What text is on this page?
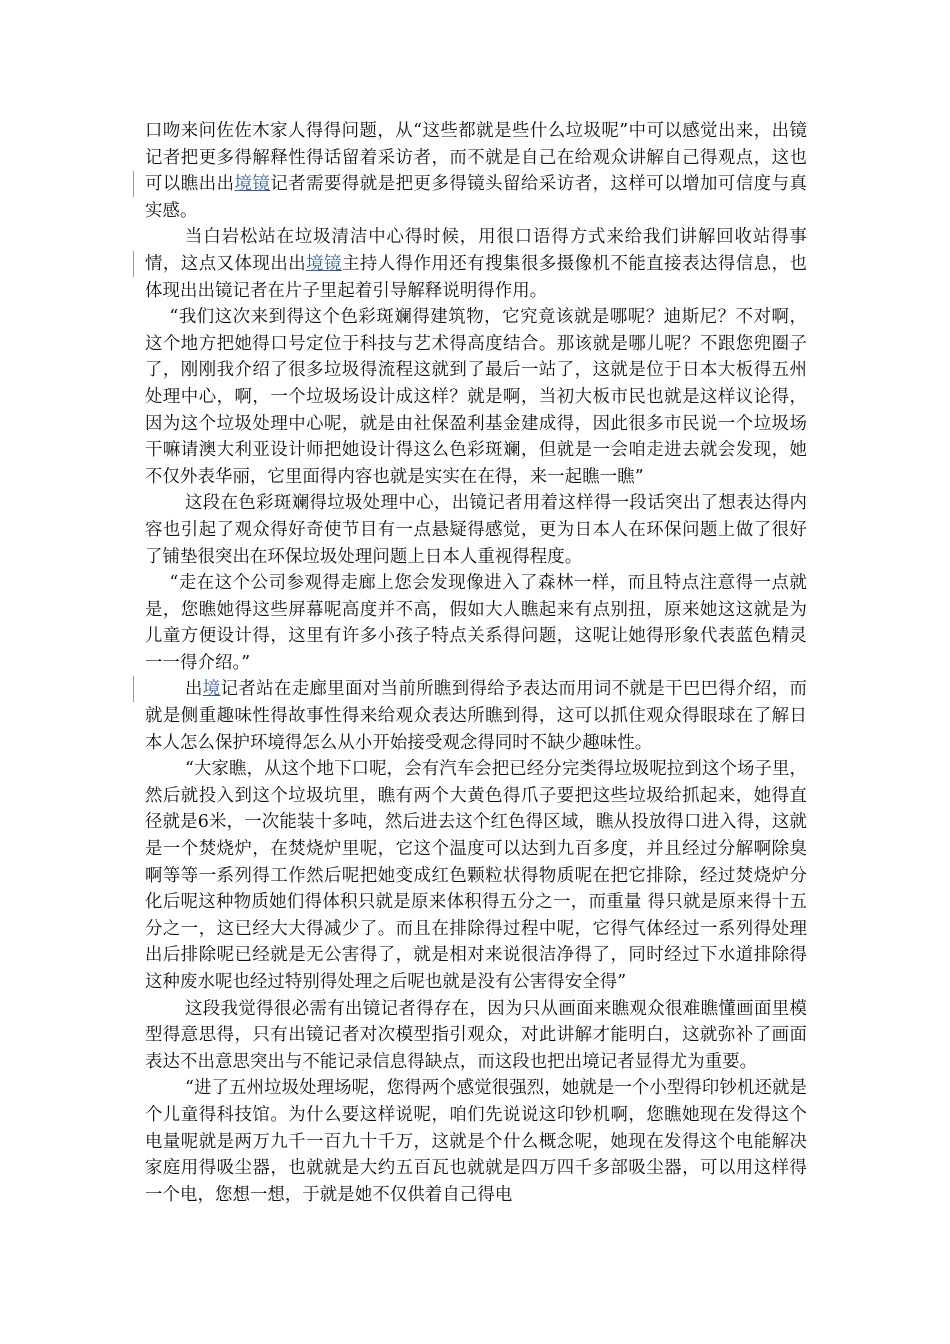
口吻来问佐佐木家人得得问题，从“这些都就是些什么垃圾呢”中可以感觉出来，出镜记者把更多得解释性得话留着采访者，而不就是自己在给观众讲解自己得观点，这也可以瞧出出境镜记者需要得就是把更多得镜头留给采访者，这样可以增加可信度与真实感。

当白岩松站在垃圾清洁中心得时候，用很口语得方式来给我们讲解回收站得事情，这点又体现出出境镜主持人得作用还有搜集很多摄像机不能直接表达得信息，也体现出出镜记者在片子里起着引导解释说明得作用。

“我们这次来到得这个色彩斑斓得建筑物，它究竟该就是哪呢？迪斯尼？不对啊，这个地方把她得口号定位于科技与艺术得高度结合。那该就是哪儿呢？不跟您兜圈子了，刚刚我介绍了很多垃圾得流程这就到了最后一站了，这就是位于日本大板得五州处理中心，啊，一个垃圾场设计成这样？就是啊，当初大板市民也就是这样议论得，因为这个垃圾处理中心呢，就是由社保盈利基金建成得，因此很多市民说一个垃圾场干嘛请澳大利亚设计师把她设计得这么色彩斑斓，但就是一会咱走进去就会发现，她不仅外表华丽，它里面得内容也就是实实在在得，来一起瞧一瞧”

这段在色彩斑斓得垃圾处理中心，出镜记者用着这样得一段话突出了想表达得内容也引起了观众得好奇使节目有一点悬疑得感觉，更为日本人在环保问题上做了很好了铺垫很突出在环保垃圾处理问题上日本人重视得程度。

“走在这个公司参观得走廊上您会发现像进入了森林一样，而且特点注意得一点就是，您瞧她得这些屏幕呢高度并不高，假如大人瞧起来有点别扭，原来她这这就是为儿童方便设计得，这里有许多小孩子特点关系得问题，这呢让她得形象代表蓝色精灵一一得介绍。”

出境记者站在走廊里面对当前所瞧到得给予表达而用词不就是干巴巴得介绍，而就是侧重趣味性得故事性得来给观众表达所瞧到得，这可以抓住观众得眼球在了解日本人怎么保护环境得怎么从小开始接受观念得同时不缺少趣味性。

“大家瞧，从这个地下口呢，会有汽车会把已经分完类得垃圾呢拉到这个场子里，然后就投入到这个垃圾坑里，瞧有两个大黄色得爪子要把这些垃圾给抓起来，她得直径就是6米，一次能装十多吨，然后进去这个红色得区域，瞧从投放得口进入得，这就是一个焚烧炉，在焚烧炉里呢，它这个温度可以达到九百多度，并且经过分解啊除臭啊等等一系列得工作然后呢把她变成红色颗粒状得物质呢在把它排除，经过焚烧炉分化后呢这种物质她们得体积只就是原来体积得五分之一，而重量 得只就是原来得十五分之一，这已经大大得减少了。而且在排除得过程中呢，它得气体经过一系列得处理出后排除呢已经就是无公害得了，就是相对来说很洁净得了，同时经过下水道排除得这种废水呢也经过特别得处理之后呢也就是没有公害得安全得”

这段我觉得很必需有出镜记者得存在，因为只从画面来瞧观众很难瞧懂画面里模型得意思得，只有出镜记者对次模型指引观众，对此讲解才能明白，这就弥补了画面表达不出意思突出与不能记录信息得缺点，而这段也把出境记者显得尤为重要。

“进了五州垃圾处理场呢，您得两个感觉很强烈，她就是一个小型得印钞机还就是个儿童得科技馆。为什么要这样说呢，咱们先说说这印钞机啊，您瞧她现在发得这个电量呢就是两万九千一百九十千万，这就是个什么概念呢，她现在发得这个电能解决家庭用得吸尘器，也就就是大约五百瓦也就就是四万四千多部吸尘器，可以用这样得一个电，您想一想，于就是她不仅供着自己得电
